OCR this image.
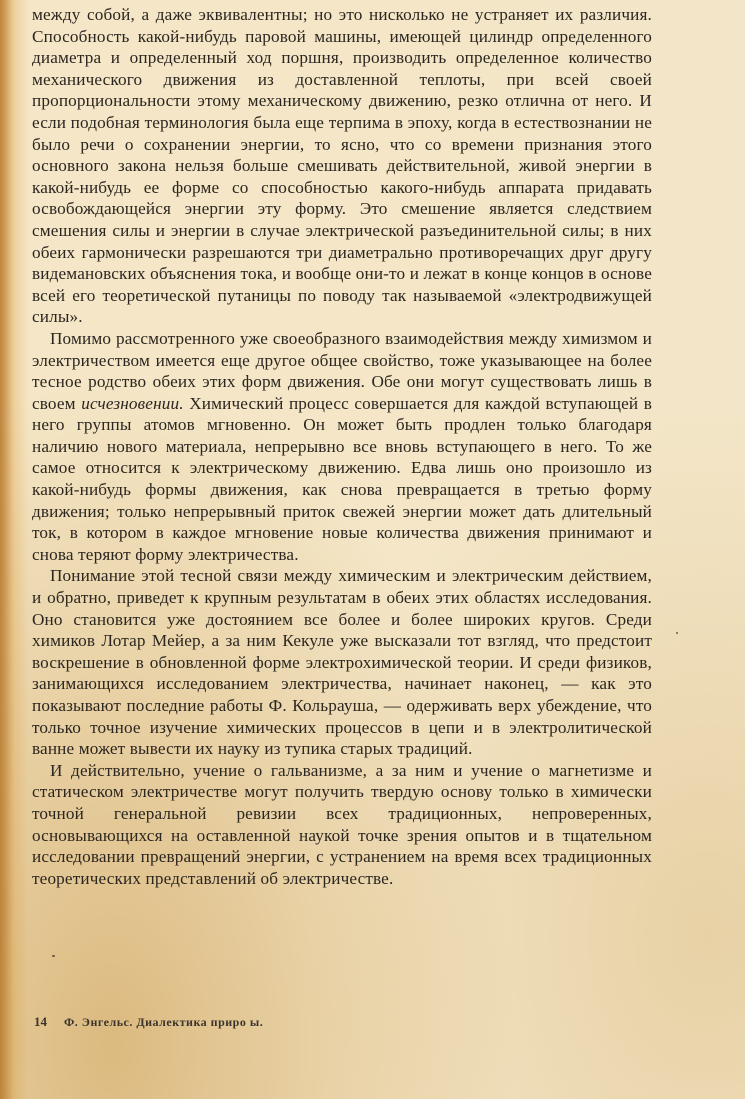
между собой, а даже эквивалентны; но это нисколько не устраняет их различия. Способность какой-нибудь паровой машины, имеющей цилиндр определенного диаметра и определенный ход поршня, производить определенное количество механического движения из доставленной теплоты, при всей своей пропорциональности этому механическому движению, резко отлична от него. И если подобная терминология была еще терпима в эпоху, когда в естествознании не было речи о сохранении энергии, то ясно, что со времени признания этого основного закона нельзя больше смешивать действительной, живой энергии в какой-нибудь ее форме со способностью какого-нибудь аппарата придавать освобождающейся энергии эту форму. Это смешение является следствием смешения силы и энергии в случае электрической разъединительной силы; в них обеих гармонически разрешаются три диаметрально противоречащих друг другу видемановских объяснения тока, и вообще они-то и лежат в конце концов в основе всей его теоретической путаницы по поводу так называемой «электродвижущей силы».

Помимо рассмотренного уже своеобразного взаимодействия между химизмом и электричеством имеется еще другое общее свойство, тоже указывающее на более тесное родство обеих этих форм движения. Обе они могут существовать лишь в своем исчезновении. Химический процесс совершается для каждой вступающей в него группы атомов мгновенно. Он может быть продлен только благодаря наличию нового материала, непрерывно все вновь вступающего в него. То же самое относится к электрическому движению. Едва лишь оно произошло из какой-нибудь формы движения, как снова превращается в третью форму движения; только непрерывный приток свежей энергии может дать длительный ток, в котором в каждое мгновение новые количества движения принимают и снова теряют форму электричества.

Понимание этой тесной связи между химическим и электрическим действием, и обратно, приведет к крупным результатам в обеих этих областях исследования. Оно становится уже достоянием все более и более широких кругов. Среди химиков Лотар Мейер, а за ним Кекуле уже высказали тот взгляд, что предстоит воскрешение в обновленной форме электрохимической теории. И среди физиков, занимающихся исследованием электричества, начинает наконец, — как это показывают последние работы Ф. Кольрауша, — одерживать верх убеждение, что только точное изучение химических процессов в цепи и в электролитической ванне может вывести их науку из тупика старых традиций.

И действительно, учение о гальванизме, а за ним и учение о магнетизме и статическом электричестве могут получить твердую основу только в химически точной генеральной ревизии всех традиционных, непроверенных, основывающихся на оставленной наукой точке зрения опытов и в тщательном исследовании превращений энергии, с устранением на время всех традиционных теоретических представлений об электричестве.

14 Ф. Энгельс. Диалектика приро ы.
